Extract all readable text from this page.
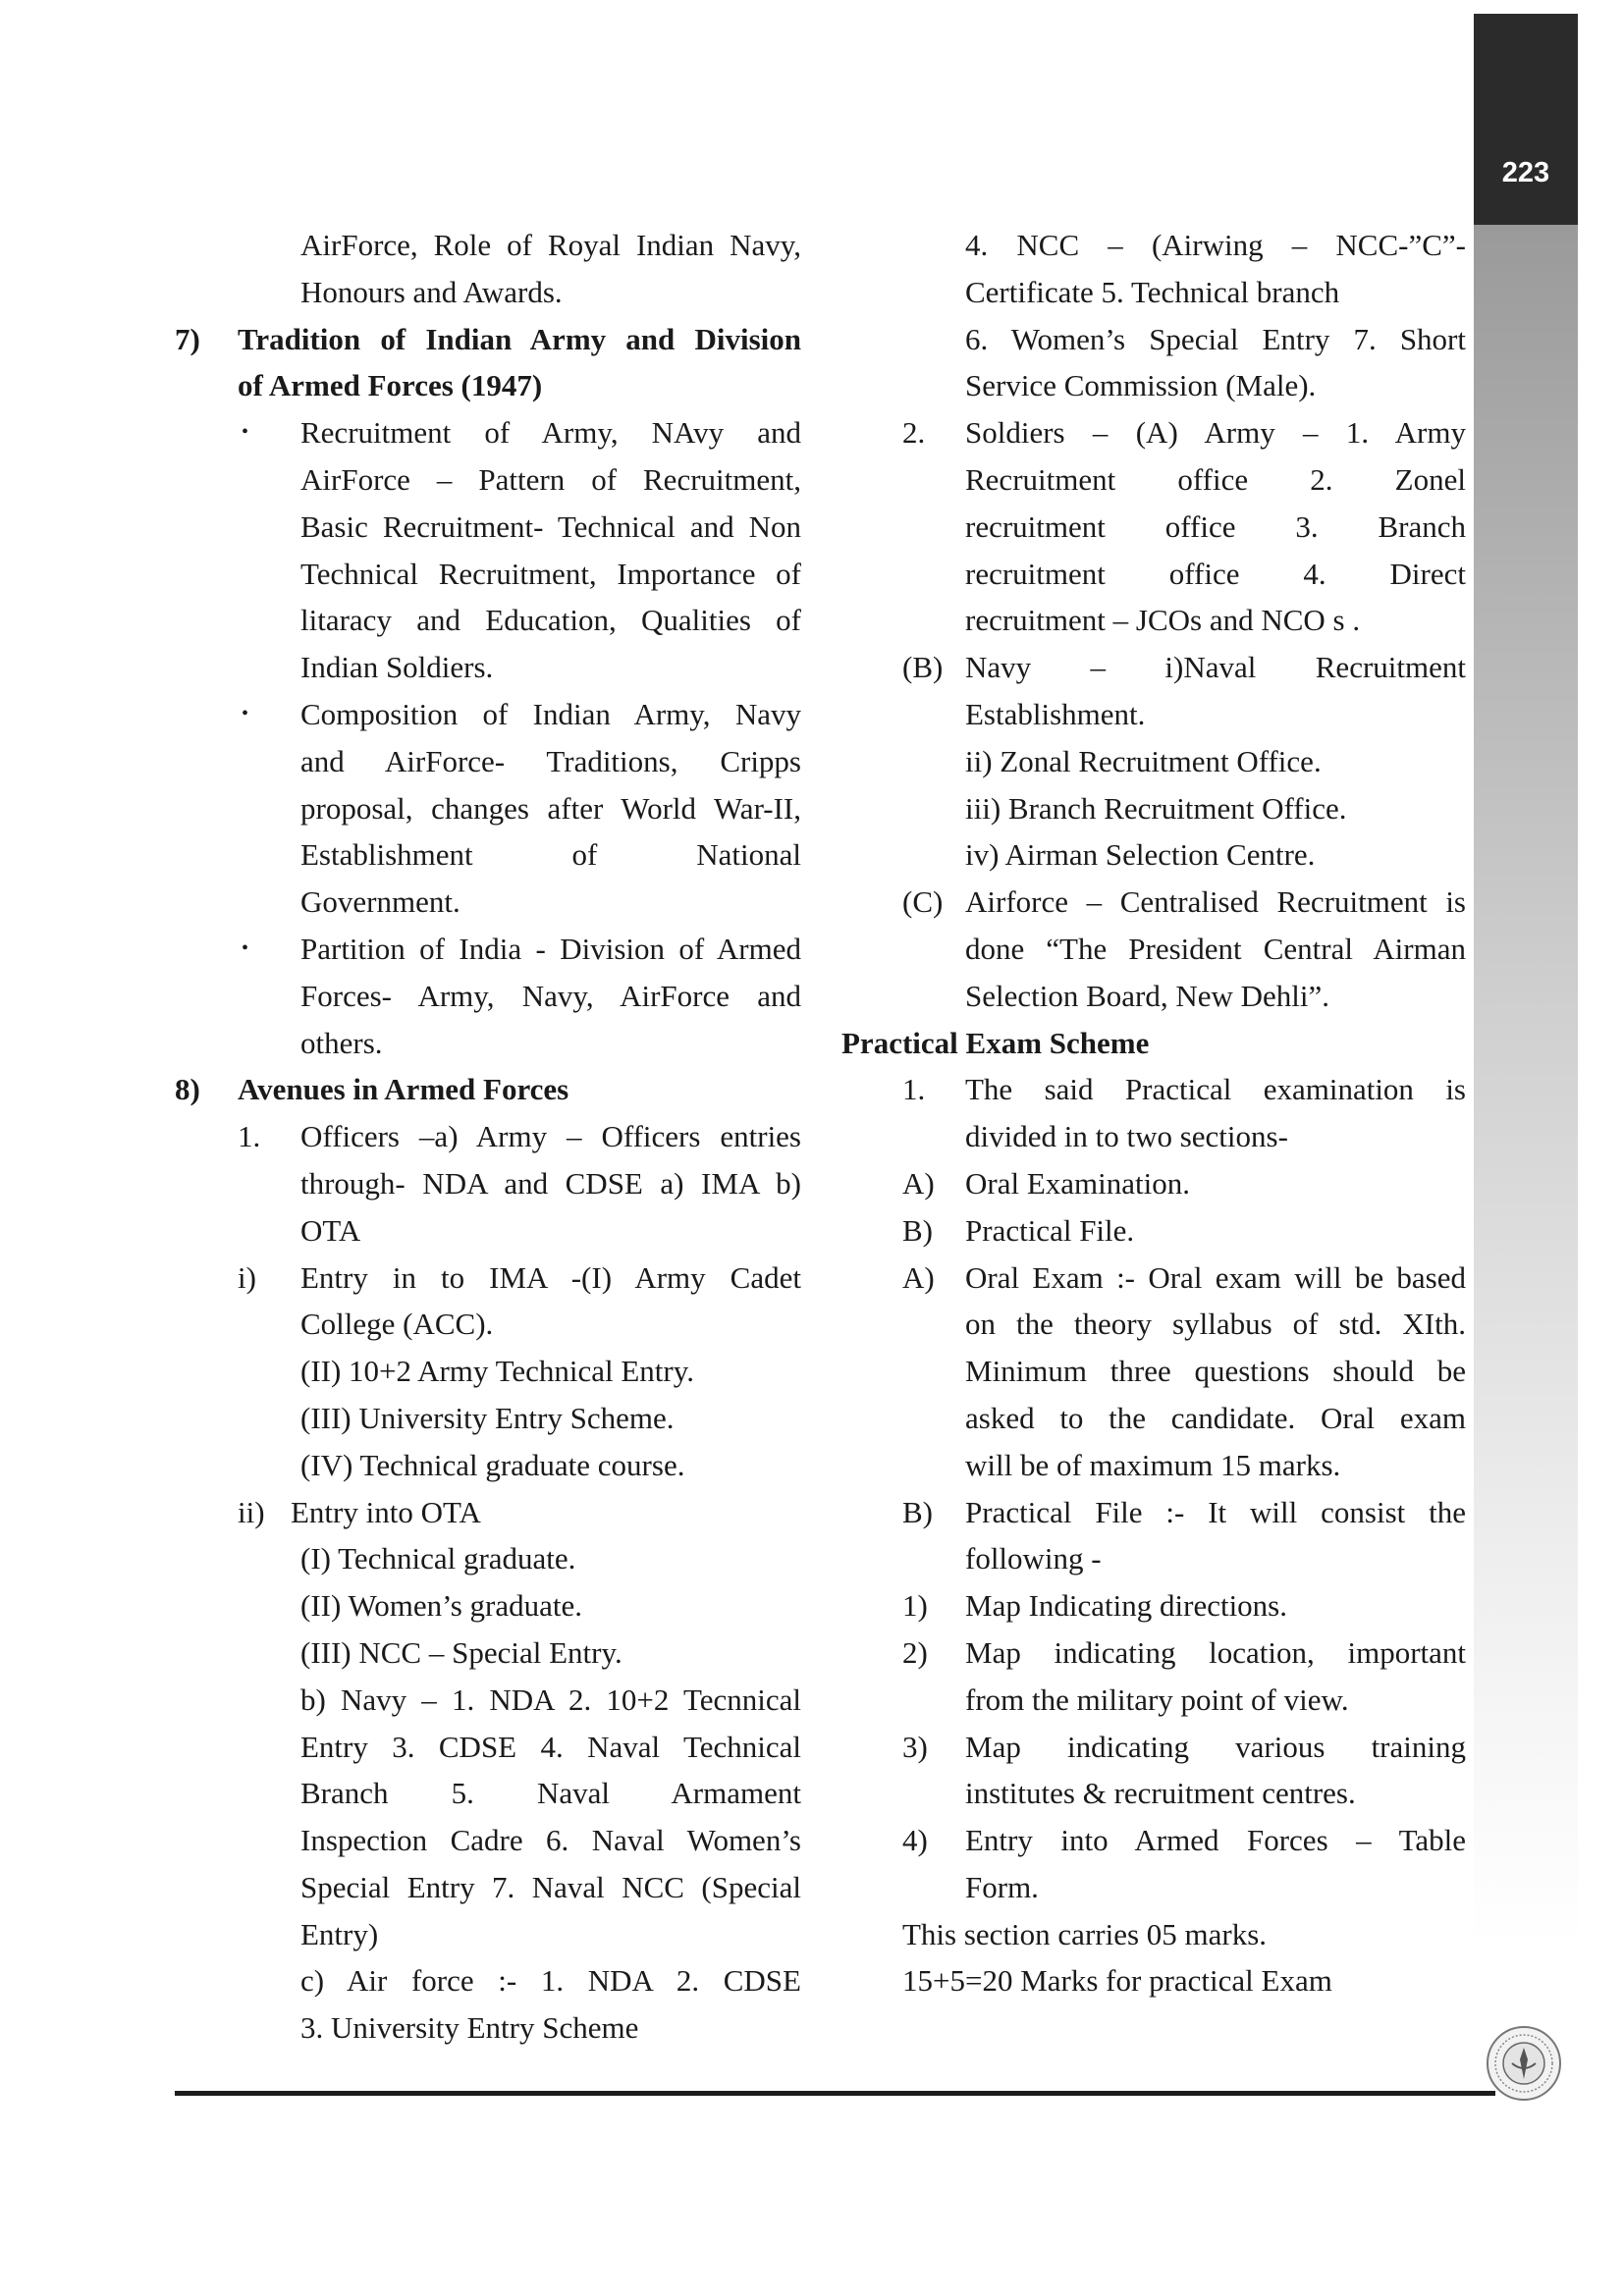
223
AirForce, Role of Royal Indian Navy,
Honours and Awards.
7) Tradition of Indian Army and Division
of Armed Forces (1947)
• Recruitment of Army, NAvy and
AirForce – Pattern of Recruitment,
Basic Recruitment- Technical and Non
Technical Recruitment, Importance of
litaracy and Education, Qualities of
Indian Soldiers.
• Composition of Indian Army, Navy
and AirForce- Traditions, Cripps
proposal, changes after World War-II,
Establishment of National
Government.
• Partition of India - Division of Armed
Forces- Army, Navy, AirForce and
others.
8) Avenues in Armed Forces
1. Officers –a) Army – Officers entries
through- NDA and CDSE a) IMA b)
OTA
i) Entry in to IMA -(I) Army Cadet
College (ACC).
(II) 10+2 Army Technical Entry.
(III) University Entry Scheme.
(IV) Technical graduate course.
ii) Entry into OTA
(I) Technical graduate.
(II) Women’s graduate.
(III) NCC – Special Entry.
b) Navy – 1. NDA 2. 10+2 Tecnnical
Entry 3. CDSE 4. Naval Technical
Branch 5. Naval Armament
Inspection Cadre 6. Naval Women’s
Special Entry 7. Naval NCC (Special
Entry)
c) Air force :- 1. NDA 2. CDSE
3. University Entry Scheme
4. NCC – (Airwing – NCC-”C”-
Certificate 5. Technical branch
6. Women’s Special Entry 7. Short
Service Commission (Male).
2. Soldiers – (A) Army – 1. Army
Recruitment office 2. Zonel
recruitment office 3. Branch
recruitment office 4. Direct
recruitment – JCOs and NCO s .
(B) Navy – i)Naval Recruitment
Establishment.
ii) Zonal Recruitment Office.
iii) Branch Recruitment Office.
iv) Airman Selection Centre.
(C) Airforce – Centralised Recruitment is
done “The President Central Airman
Selection Board, New Dehli”.
Practical Exam Scheme
1. The said Practical examination is
divided in to two sections-
A) Oral Examination.
B) Practical File.
A) Oral Exam :- Oral exam will be based
on the theory syllabus of std. XIth.
Minimum three questions should be
asked to the candidate. Oral exam
will be of maximum 15 marks.
B) Practical File :- It will consist the
following -
1) Map Indicating directions.
2) Map indicating location, important
from the military point of view.
3) Map indicating various training
institutes & recruitment centres.
4) Entry into Armed Forces – Table
Form.
This section carries 05 marks.
15+5=20 Marks for practical Exam
